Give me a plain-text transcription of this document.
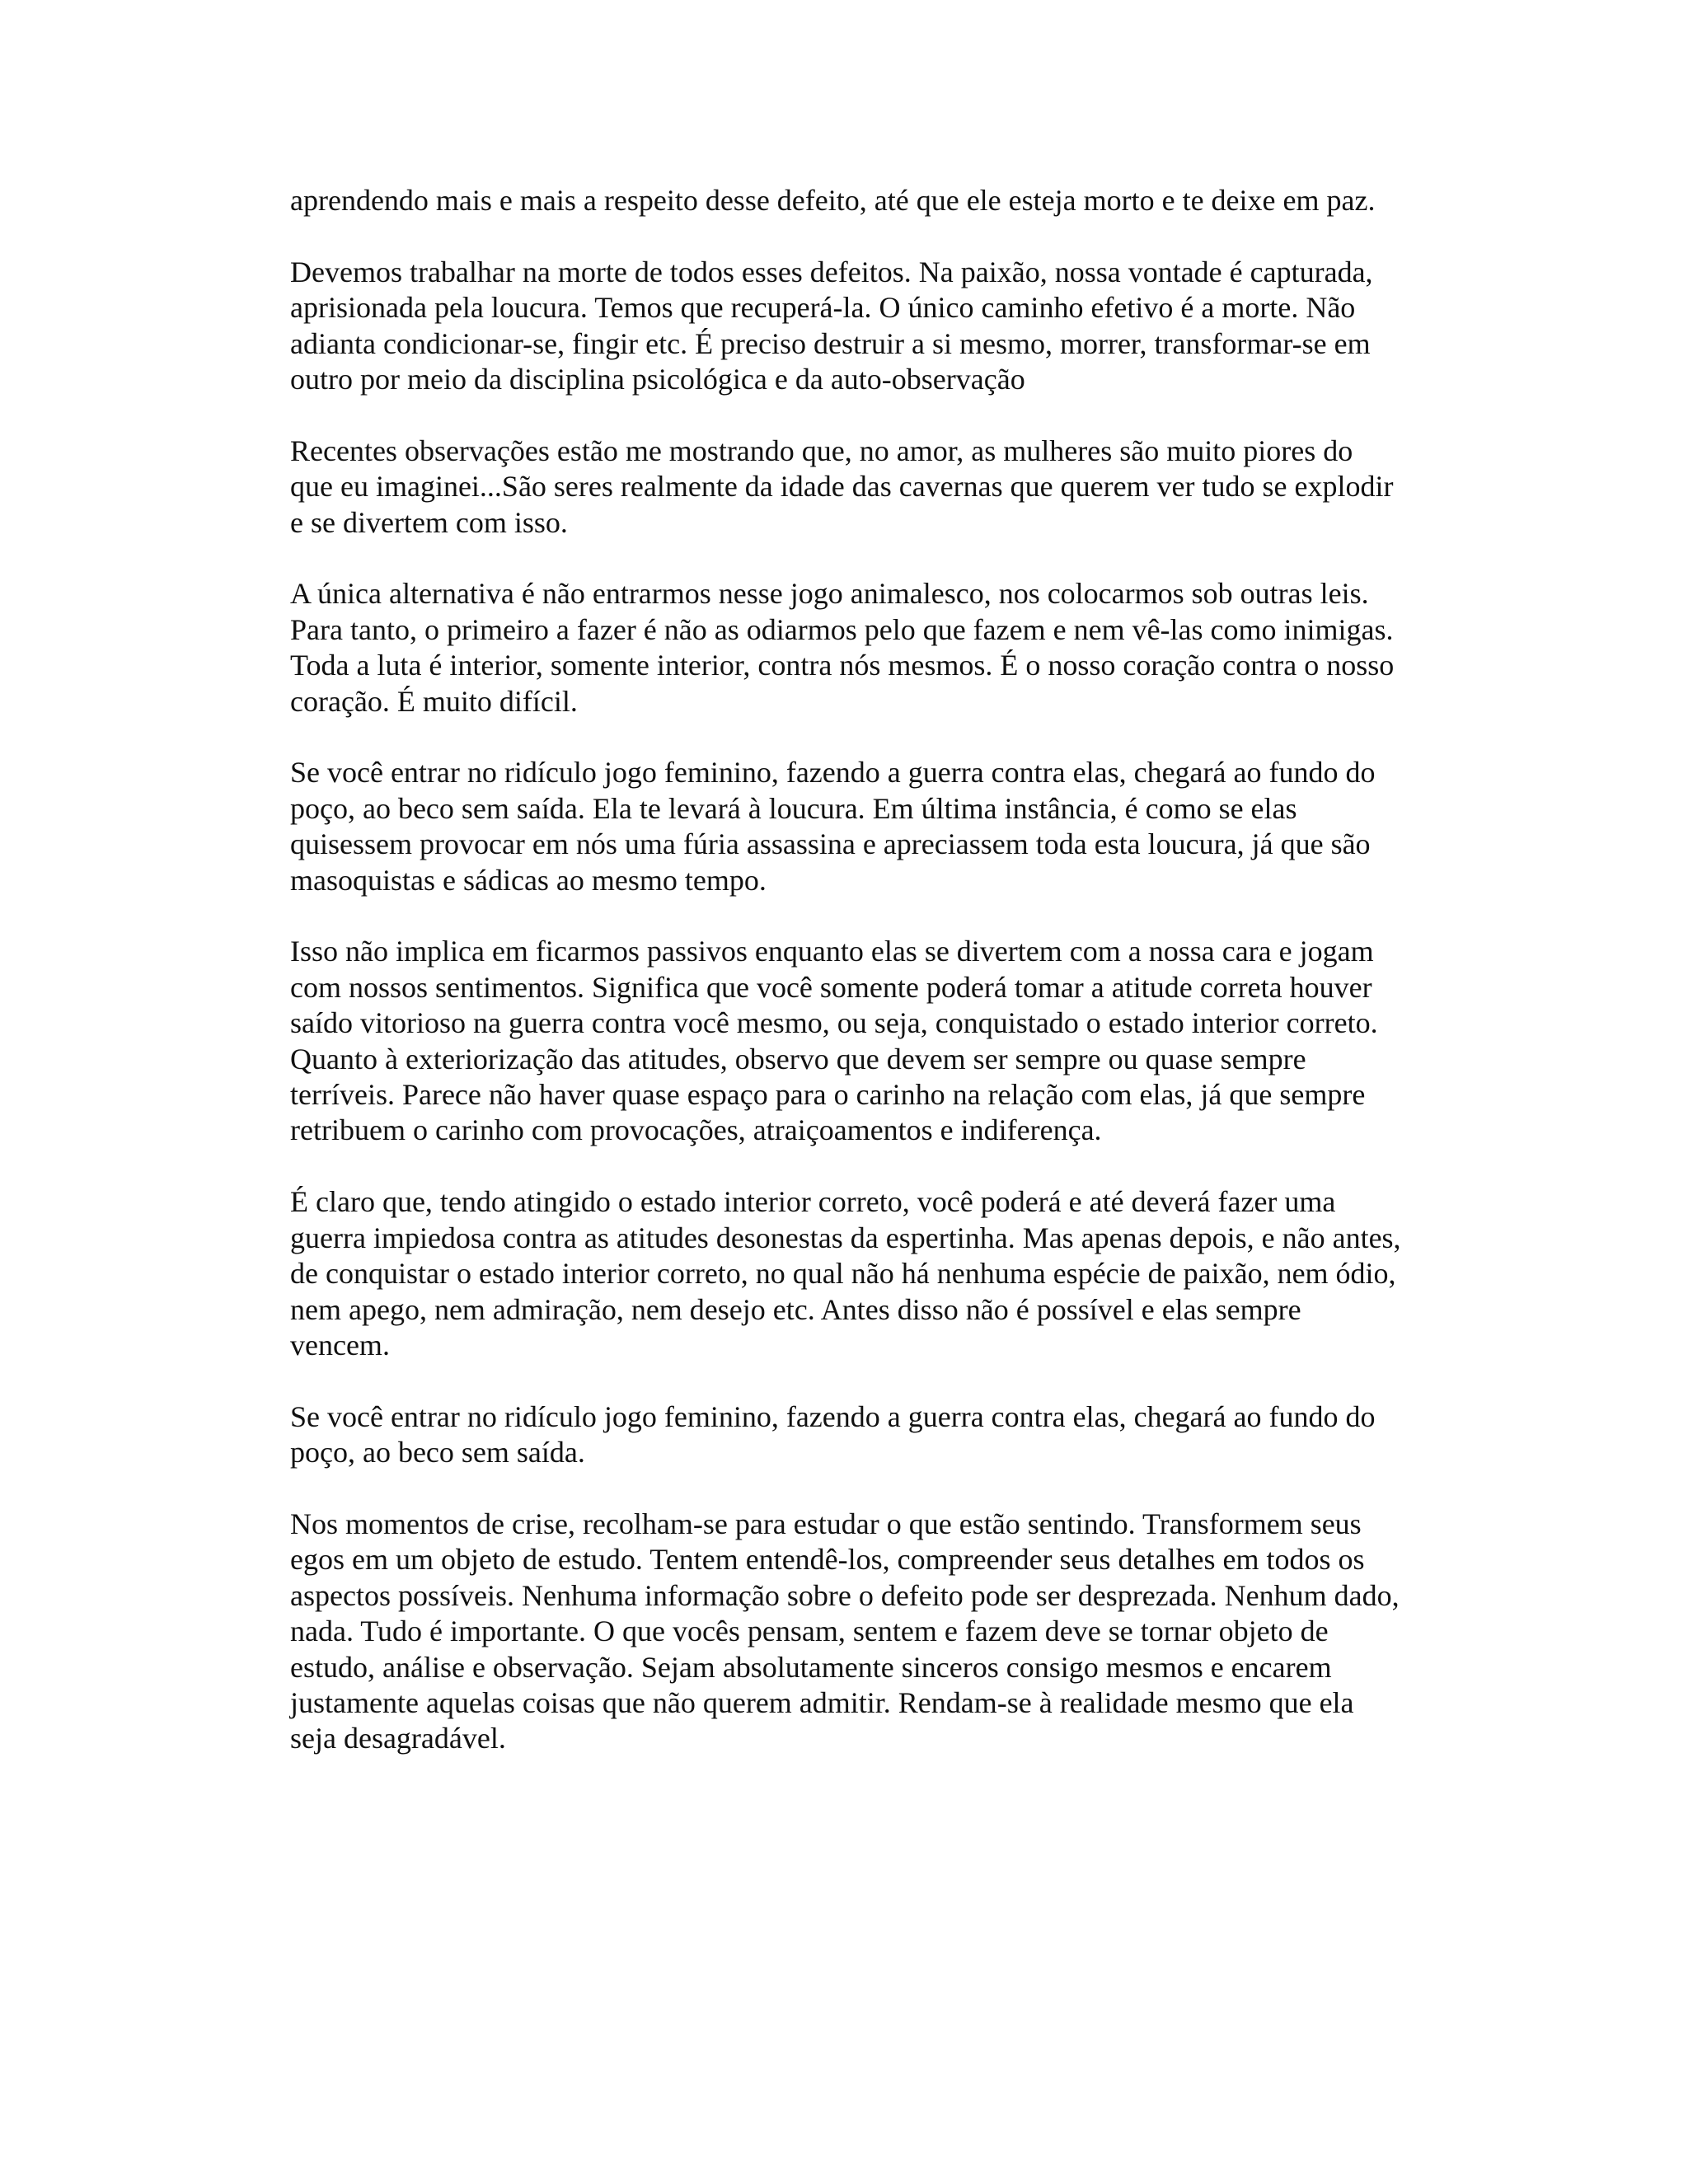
aprendendo mais e mais a respeito desse defeito, até que ele esteja morto e te deixe em paz.

Devemos trabalhar na morte de todos esses defeitos. Na paixão, nossa vontade é capturada, aprisionada pela loucura. Temos que recuperá-la. O único caminho efetivo é a morte. Não adianta condicionar-se, fingir etc. É preciso destruir a si mesmo, morrer, transformar-se em outro por meio da disciplina psicológica e da auto-observação

Recentes observações estão me mostrando que, no amor, as mulheres são muito piores do que eu imaginei...São seres realmente da idade das cavernas que querem ver tudo se explodir e se divertem com isso.

A única alternativa é não entrarmos nesse jogo animalesco, nos colocarmos sob outras leis. Para tanto, o primeiro a fazer é não as odiarmos pelo que fazem e nem vê-las como inimigas. Toda a luta é interior, somente interior, contra nós mesmos. É o nosso coração contra o nosso coração. É muito difícil.

Se você entrar no ridículo jogo feminino, fazendo a guerra contra elas, chegará ao fundo do poço, ao beco sem saída. Ela te levará à loucura. Em última instância, é como se elas quisessem provocar em nós uma fúria assassina e apreciassem toda esta loucura, já que são masoquistas e sádicas ao mesmo tempo.

Isso não implica em ficarmos passivos enquanto elas se divertem com a nossa cara e jogam com nossos sentimentos. Significa que você somente poderá tomar a atitude correta houver saído vitorioso na guerra contra você mesmo, ou seja, conquistado o estado interior correto. Quanto à exteriorização das atitudes, observo que devem ser sempre ou quase sempre terríveis. Parece não haver quase espaço para o carinho na relação com elas, já que sempre retribuem o carinho com provocações, atraiçoamentos e indiferença.

É claro que, tendo atingido o estado interior correto, você poderá e até deverá fazer uma guerra impiedosa contra as atitudes desonestas da espertinha. Mas apenas depois, e não antes, de conquistar o estado interior correto, no qual não há nenhuma espécie de paixão, nem ódio, nem apego, nem admiração, nem desejo etc. Antes disso não é possível e elas sempre vencem.

Se você entrar no ridículo jogo feminino, fazendo a guerra contra elas, chegará ao fundo do poço, ao beco sem saída.

Nos momentos de crise, recolham-se para estudar o que estão sentindo. Transformem seus egos em um objeto de estudo. Tentem entendê-los, compreender seus detalhes em todos os aspectos possíveis. Nenhuma informação sobre o defeito pode ser desprezada. Nenhum dado, nada. Tudo é importante. O que vocês pensam, sentem e fazem deve se tornar objeto de estudo, análise e observação. Sejam absolutamente sinceros consigo mesmos e encarem justamente aquelas coisas que não querem admitir. Rendam-se à realidade mesmo que ela seja desagradável.
